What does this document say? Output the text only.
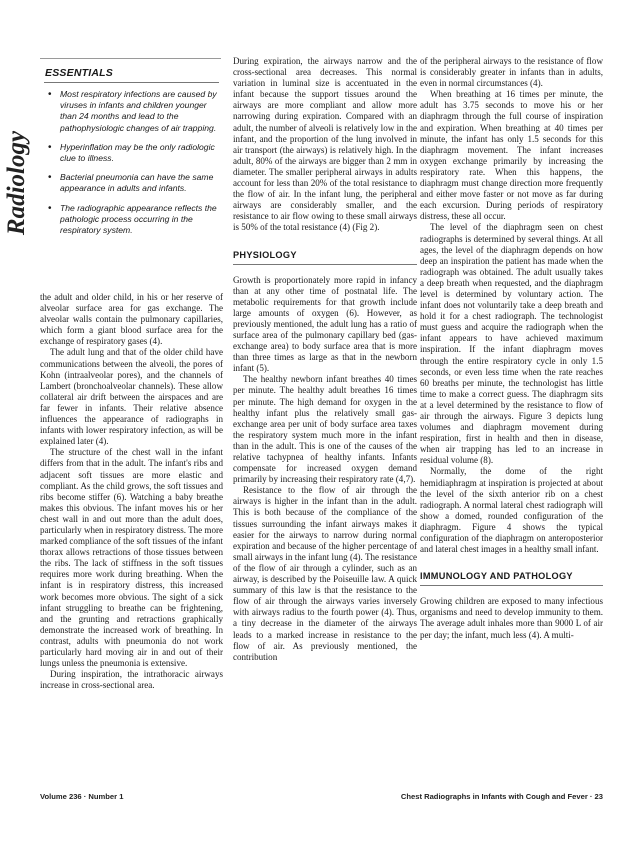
Radiology
ESSENTIALS
• Most respiratory infections are caused by viruses in infants and children younger than 24 months and lead to the pathophysiologic changes of air trapping.
• Hyperinflation may be the only radiologic clue to illness.
• Bacterial pneumonia can have the same appearance in adults and infants.
• The radiographic appearance reflects the pathologic process occurring in the respiratory system.

the adult and older child, in his or her reserve of alveolar surface area for gas exchange. The alveolar walls contain the pulmonary capillaries, which form a giant blood surface area for the exchange of respiratory gases (4).

The adult lung and that of the older child have communications between the alveoli, the pores of Kohn (intraalveolar pores), and the channels of Lambert (bronchoalveolar channels). These allow collateral air drift between the airspaces and are far fewer in infants. Their relative absence influences the appearance of radiographs in infants with lower respiratory infection, as will be explained later (4).

The structure of the chest wall in the infant differs from that in the adult. The infant's ribs and adjacent soft tissues are more elastic and compliant. As the child grows, the soft tissues and ribs become stiffer (6). Watching a baby breathe makes this obvious. The infant moves his or her chest wall in and out more than the adult does, particularly when in respiratory distress. The more marked compliance of the soft tissues of the infant thorax allows retractions of those tissues between the ribs. The lack of stiffness in the soft tissues requires more work during breathing. When the infant is in respiratory distress, this increased work becomes more obvious. The sight of a sick infant struggling to breathe can be frightening, and the grunting and retractions graphically demonstrate the increased work of breathing. In contrast, adults with pneumonia do not work particularly hard moving air in and out of their lungs unless the pneumonia is extensive.

During inspiration, the intrathoracic airways increase in cross-sectional area.

During expiration, the airways narrow and the cross-sectional area decreases. This normal variation in luminal size is accentuated in the infant because the support tissues around the airways are more compliant and allow more narrowing during expiration. Compared with an adult, the number of alveoli is relatively low in the infant, and the proportion of the lung involved in air transport (the airways) is relatively high. In the adult, 80% of the airways are bigger than 2 mm in diameter. The smaller peripheral airways in adults account for less than 20% of the total resistance to the flow of air. In the infant lung, the peripheral airways are considerably smaller, and the resistance to air flow owing to these small airways is 50% of the total resistance (4) (Fig 2).

PHYSIOLOGY

Growth is proportionately more rapid in infancy than at any other time of postnatal life. The metabolic requirements for that growth include large amounts of oxygen (6). However, as previously mentioned, the adult lung has a ratio of surface area of the pulmonary capillary bed (gas-exchange area) to body surface area that is more than three times as large as that in the newborn infant (5).

The healthy newborn infant breathes 40 times per minute. The healthy adult breathes 16 times per minute. The high demand for oxygen in the healthy infant plus the relatively small gas-exchange area per unit of body surface area taxes the respiratory system much more in the infant than in the adult. This is one of the causes of the relative tachypnea of healthy infants. Infants compensate for increased oxygen demand primarily by increasing their respiratory rate (4,7).

Resistance to the flow of air through the airways is higher in the infant than in the adult. This is both because of the compliance of the tissues surrounding the infant airways makes it easier for the airways to narrow during normal expiration and because of the higher percentage of small airways in the infant lung (4). The resistance of the flow of air through a cylinder, such as an airway, is described by the Poiseuille law. A quick summary of this law is that the resistance to the flow of air through the airways varies inversely with airways radius to the fourth power (4). Thus, a tiny decrease in the diameter of the airways leads to a marked increase in resistance to the flow of air. As previously mentioned, the contribution

of the peripheral airways to the resistance of flow is considerably greater in infants than in adults, even in normal circumstances (4).

When breathing at 16 times per minute, the adult has 3.75 seconds to move his or her diaphragm through the full course of inspiration and expiration. When breathing at 40 times per minute, the infant has only 1.5 seconds for this diaphragm movement. The infant increases oxygen exchange primarily by increasing the respiratory rate. When this happens, the diaphragm must change direction more frequently and either move faster or not move as far during each excursion. During periods of respiratory distress, these all occur.

The level of the diaphragm seen on chest radiographs is determined by several things. At all ages, the level of the diaphragm depends on how deep an inspiration the patient has made when the radiograph was obtained. The adult usually takes a deep breath when requested, and the diaphragm level is determined by voluntary action. The infant does not voluntarily take a deep breath and hold it for a chest radiograph. The technologist must guess and acquire the radiograph when the infant appears to have achieved maximum inspiration. If the infant diaphragm moves through the entire respiratory cycle in only 1.5 seconds, or even less time when the rate reaches 60 breaths per minute, the technologist has little time to make a correct guess. The diaphragm sits at a level determined by the resistance to flow of air through the airways. Figure 3 depicts lung volumes and diaphragm movement during respiration, first in health and then in disease, when air trapping has led to an increase in residual volume (8).

Normally, the dome of the right hemidiaphragm at inspiration is projected at about the level of the sixth anterior rib on a chest radiograph. A normal lateral chest radiograph will show a domed, rounded configuration of the diaphragm. Figure 4 shows the typical configuration of the diaphragm on anteroposterior and lateral chest images in a healthy small infant.

IMMUNOLOGY AND PATHOLOGY

Growing children are exposed to many infectious organisms and need to develop immunity to them. The average adult inhales more than 9000 L of air per day; the infant, much less (4). A multi-

Volume 236 · Number 1	Chest Radiographs in Infants with Cough and Fever · 23
